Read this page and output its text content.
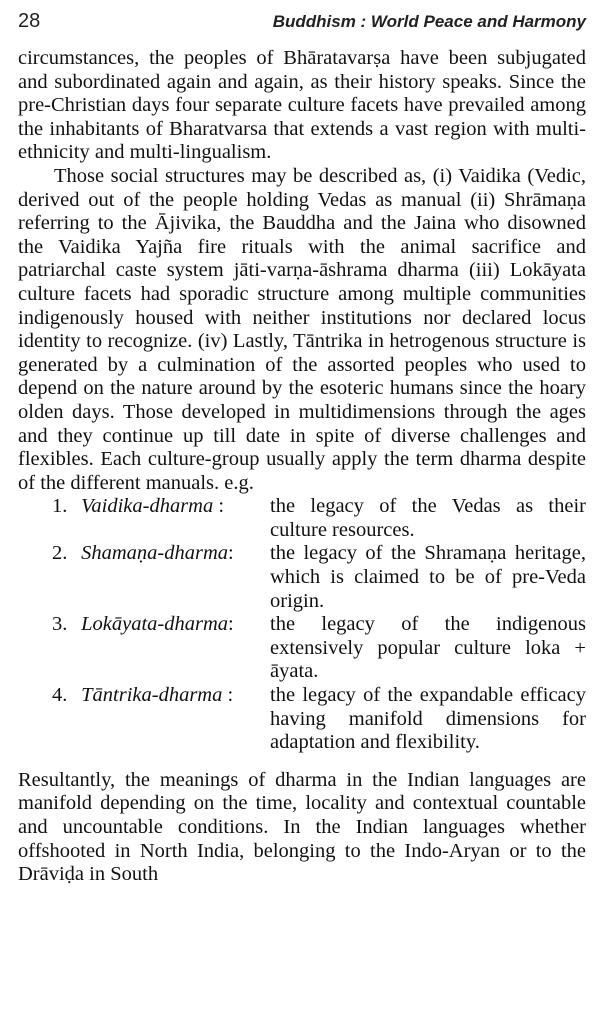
28	Buddhism : World Peace and Harmony

circumstances, the peoples of Bhāratavarṣa have been subjugated and subordinated again and again, as their history speaks. Since the pre-Christian days four separate culture facets have prevailed among the inhabitants of Bharatvarsa that extends a vast region with multi-ethnicity and multi-lingualism.

Those social structures may be described as, (i) Vaidika (Vedic, derived out of the people holding Vedas as manual (ii) Shrāmaṇa referring to the Ājivika, the Bauddha and the Jaina who disowned the Vaidika Yajña fire rituals with the animal sacrifice and patriarchal caste system jāti-varṇa-āshrama dharma (iii) Lokāyata culture facets had sporadic structure among multiple communities indigenously housed with neither institutions nor declared locus identity to recognize. (iv) Lastly, Tāntrika in hetrogenous structure is generated by a culmination of the assorted peoples who used to depend on the nature around by the esoteric humans since the hoary olden days. Those developed in multidimensions through the ages and they continue up till date in spite of diverse challenges and flexibles. Each culture-group usually apply the term dharma despite of the different manuals. e.g.

1. Vaidika-dharma :	the legacy of the Vedas as their culture resources.
2. Shamaṇa-dharma:	the legacy of the Shramaṇa heritage, which is claimed to be of pre-Veda origin.
3. Lokāyata-dharma:	the legacy of the indigenous extensively popular culture loka + āyata.
4. Tāntrika-dharma :	the legacy of the expandable efficacy having manifold dimensions for adaptation and flexibility.

Resultantly, the meanings of dharma in the Indian languages are manifold depending on the time, locality and contextual countable and uncountable conditions. In the Indian languages whether offshooted in North India, belonging to the Indo-Aryan or to the Drāviḍa in South
